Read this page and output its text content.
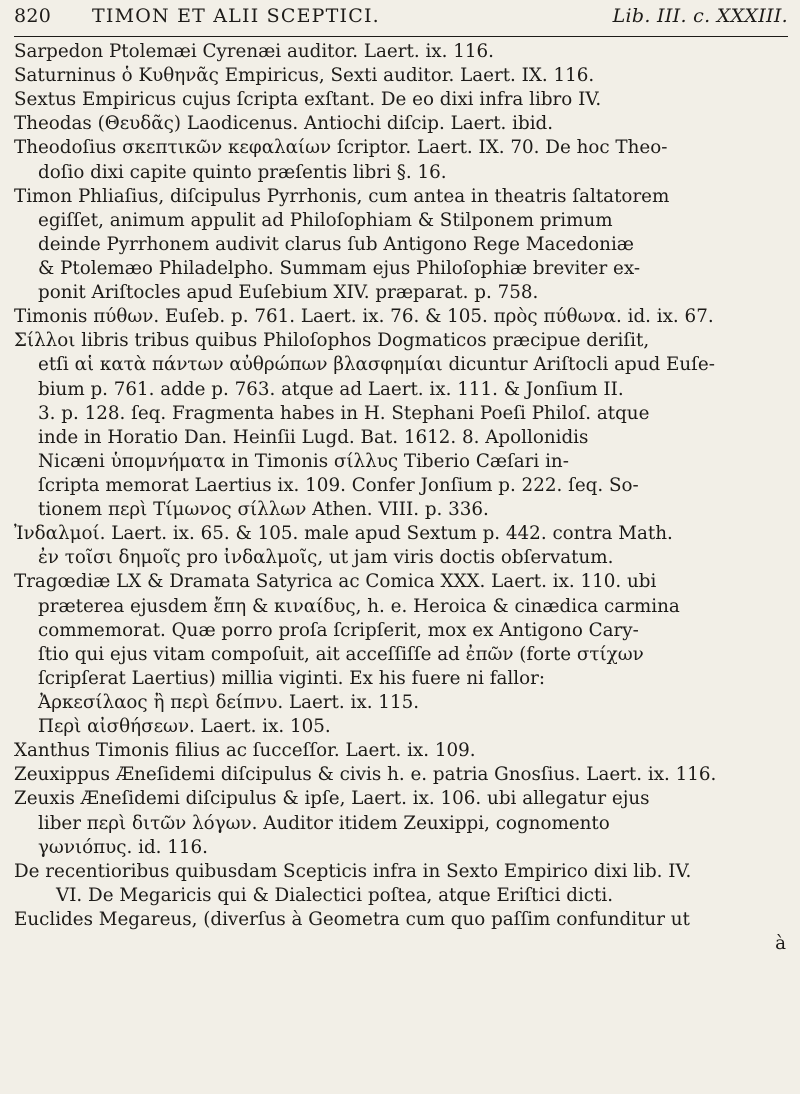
820	TIMON ET ALII SCEPTICI.	Lib. III. c. XXXIII.
Sarpedon Ptolemæi Cyrenæi auditor. Laert. ix. 116.
Saturninus ὁ Κυθηνᾶς Empiricus, Sexti auditor. Laert. IX. 116.
Sextus Empiricus cujus ſcripta exſtant. De eo dixi infra libro IV.
Theodas (Θευδᾶς) Laodicenus. Antiochi diſcip. Laert. ibid.
Theodoſius σκεπτικῶν κεφαλαίων ſcriptor. Laert. IX. 70. De hoc Theo-
doſio dixi capite quinto præſentis libri §. 16.
Timon Phliaſius, diſcipulus Pyrrhonis, cum antea in theatris ſaltatorem
egiſſet, animum appulit ad Philoſophiam & Stilponem primum
deinde Pyrrhonem audivit clarus ſub Antigono Rege Macedoniæ
& Ptolemæo Philadelpho. Summam ejus Philoſophiæ breviter ex-
ponit Ariſtocles apud Euſebium XIV. præparat. p. 758.
Timonis πύθων. Euſeb. p. 761. Laert. ix. 76. & 105. πρὸς πύθωνα. id. ix. 67.
Σίλλοι libris tribus quibus Philoſophos Dogmaticos præcipue deriſit,
etſi αἱ κατὰ πάντων αὐθρώπων βλασφημίαι dicuntur Ariſtocli apud Euſe-
bium p. 761. adde p. 763. atque ad Laert. ix. 111. & Jonſium II.
3. p. 128. ſeq. Fragmenta habes in H. Stephani Poeſi Philoſ. atque
inde in Horatio Dan. Heinſii Lugd. Bat. 1612. 8. Apollonidis
Nicæni ὑπομνήματα in Timonis σίλλυς Tiberio Cæſari in-
ſcripta memorat Laertius ix. 109. Confer Jonſium p. 222. ſeq. So-
tionem περὶ Τίμωνος σίλλων Athen. VIII. p. 336.
Ἰνδαλμοί. Laert. ix. 65. & 105. male apud Sextum p. 442. contra Math.
ἐν τοῖσι δημοῖς pro ἰνδαλμοῖς, ut jam viris doctis obſervatum.
Tragœdiæ LX & Dramata Satyrica ac Comica XXX. Laert. ix. 110. ubi
præterea ejusdem ἔπη & κιναίδυς, h. e. Heroica & cinædica carmina
commemorat. Quæ porro proſa ſcripſerit, mox ex Antigono Cary-
ſtio qui ejus vitam compoſuit, ait acceſſiſſe ad ἐπῶν (forte στίχων
ſcripſerat Laertius) millia viginti. Ex his fuere ni fallor:
Ἀρκεσίλαος ἢ περὶ δείπνυ. Laert. ix. 115.
Περὶ αἰσθήσεων. Laert. ix. 105.
Xanthus Timonis filius ac ſucceſſor. Laert. ix. 109.
Zeuxippus Æneſidemi diſcipulus & civis h. e. patria Gnosſius. Laert. ix. 116.
Zeuxis Æneſidemi diſcipulus & ipſe, Laert. ix. 106. ubi allegatur ejus
liber περὶ διτῶν λόγων. Auditor itidem Zeuxippi, cognomento
γωνιόπυς. id. 116.
De recentioribus quibusdam Scepticis infra in Sexto Empirico dixi lib. IV.
VI. De Megaricis qui & Dialectici poſtea, atque Eriſtici dicti.
Euclides Megareus, (diverſus à Geometra cum quo paſſim confunditur ut
à
